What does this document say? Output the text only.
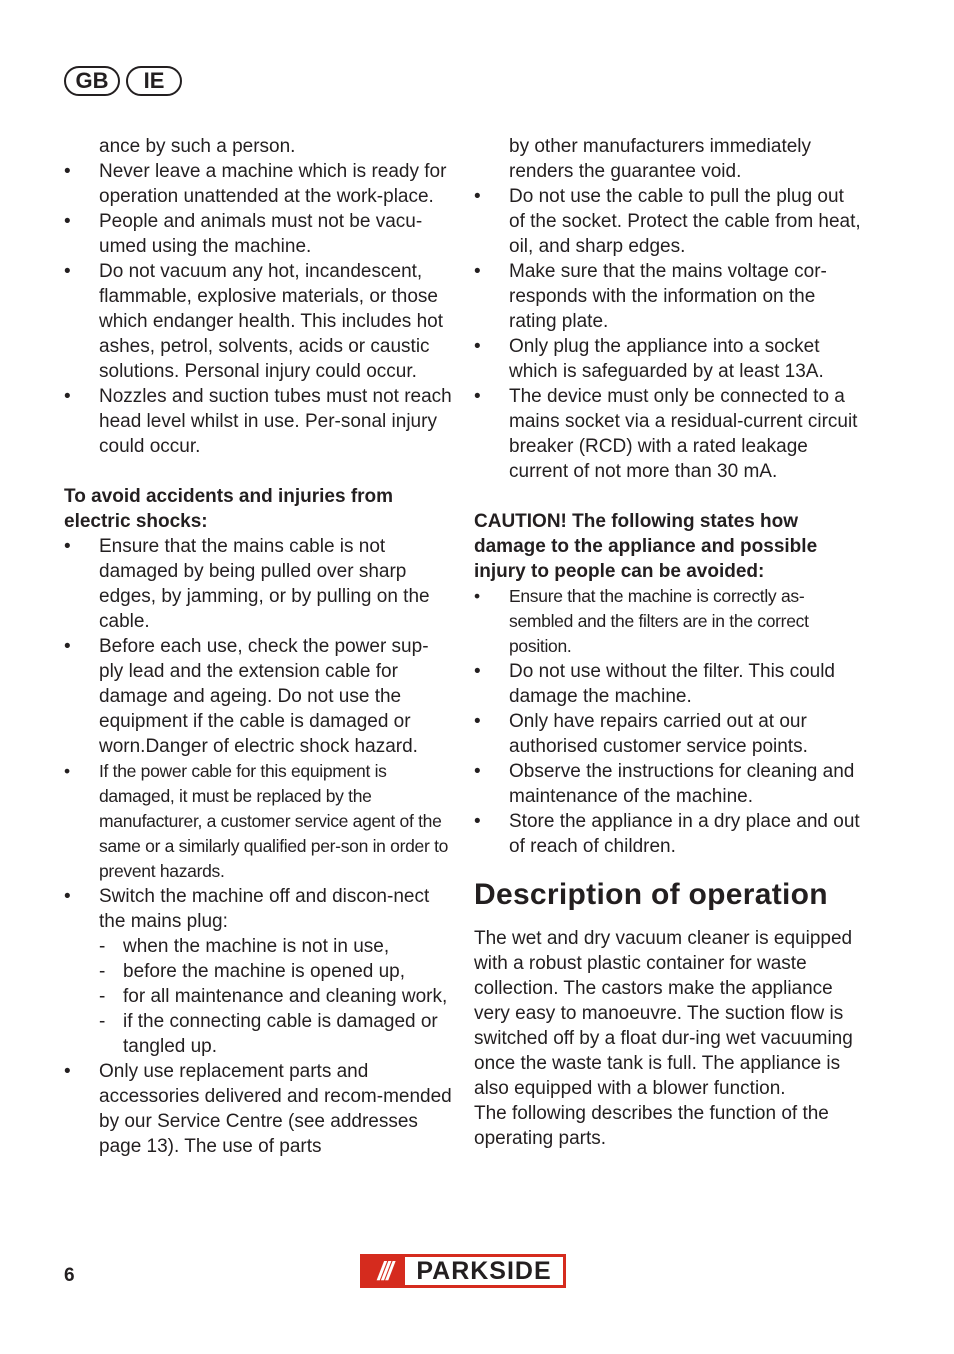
GB	IE
ance by such a person.
• Never leave a machine which is ready for operation unattended at the work-place.
• People and animals must not be vacu-umed using the machine.
• Do not vacuum any hot, incandescent, flammable, explosive materials, or those which endanger health. This includes hot ashes, petrol, solvents, acids or caustic solutions. Personal injury could occur.
• Nozzles and suction tubes must not reach head level whilst in use. Per-sonal injury could occur.
To avoid accidents and injuries from electric shocks:
• Ensure that the mains cable is not damaged by being pulled over sharp edges, by jamming, or by pulling on the cable.
• Before each use, check the power sup-ply lead and the extension cable for damage and ageing. Do not use the equipment if the cable is damaged or worn.Danger of electric shock hazard.
• If the power cable for this equipment is damaged, it must be replaced by the manufacturer, a customer service agent of the same or a similarly qualified per-son in order to prevent hazards.
• Switch the machine off and discon-nect the mains plug:
- when the machine is not in use,
- before the machine is opened up,
- for all maintenance and cleaning work,
- if the connecting cable is damaged or tangled up.
• Only use replacement parts and accessories delivered and recom-mended by our Service Centre (see addresses page 13). The use of parts
by other manufacturers immediately renders the guarantee void.
• Do not use the cable to pull the plug out of the socket. Protect the cable from heat, oil, and sharp edges.
• Make sure that the mains voltage cor-responds with the information on the rating plate.
• Only plug the appliance into a socket which is safeguarded by at least 13A.
• The device must only be connected to a mains socket via a residual-current circuit breaker (RCD) with a rated leakage current of not more than 30 mA.
CAUTION! The following states how damage to the appliance and possible injury to people can be avoided:
• Ensure that the machine is correctly as-sembled and the filters are in the correct position.
• Do not use without the filter. This could damage the machine.
• Only have repairs carried out at our authorised customer service points.
• Observe the instructions for cleaning and maintenance of the machine.
• Store the appliance in a dry place and out of reach of children.
Description of operation
The wet and dry vacuum cleaner is equipped with a robust plastic container for waste collection. The castors make the appliance very easy to manoeuvre. The suction flow is switched off by a float dur-ing wet vacuuming once the waste tank is full. The appliance is also equipped with a blower function.
The following describes the function of the operating parts.
6	///	PARKSIDE
